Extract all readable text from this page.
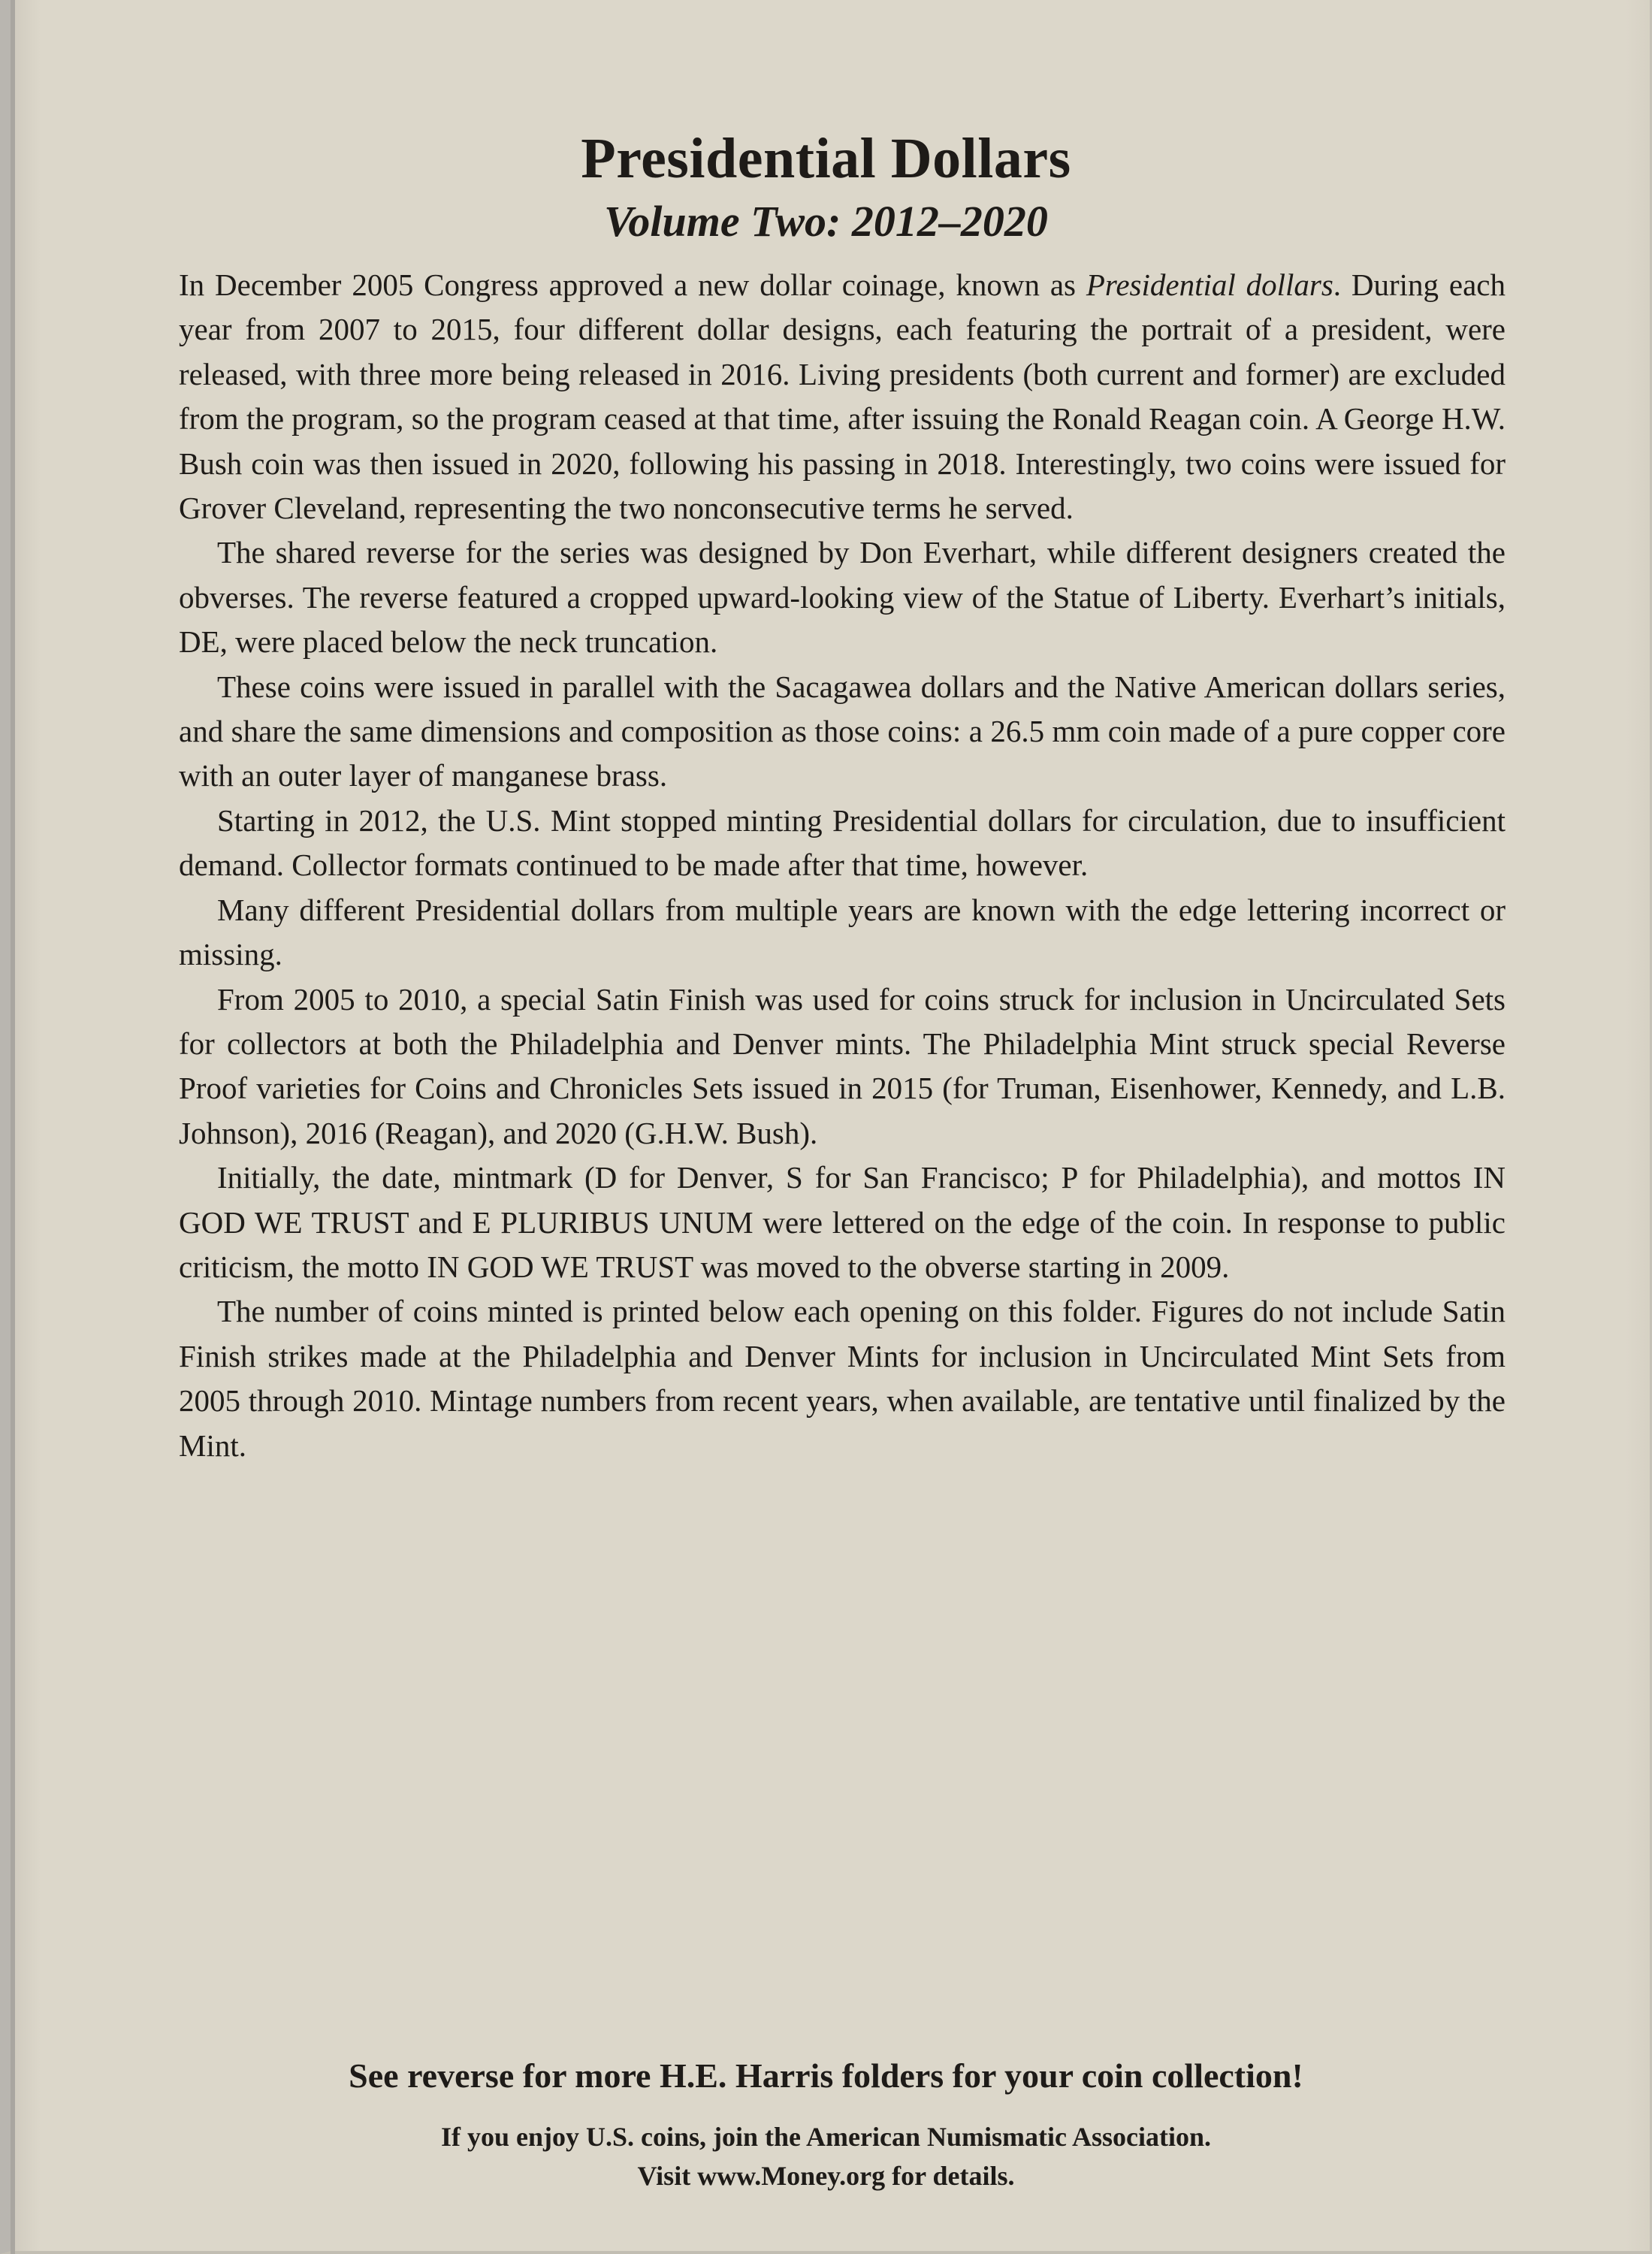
Presidential Dollars
Volume Two: 2012–2020

In December 2005 Congress approved a new dollar coinage, known as Presidential dollars. During each year from 2007 to 2015, four different dollar designs, each featuring the portrait of a president, were released, with three more being released in 2016. Living presidents (both current and former) are excluded from the program, so the program ceased at that time, after issuing the Ronald Reagan coin. A George H.W. Bush coin was then issued in 2020, following his passing in 2018. Interestingly, two coins were issued for Grover Cleveland, representing the two nonconsecutive terms he served.

The shared reverse for the series was designed by Don Everhart, while different designers created the obverses. The reverse featured a cropped upward-looking view of the Statue of Liberty. Everhart’s initials, DE, were placed below the neck truncation.

These coins were issued in parallel with the Sacagawea dollars and the Native American dollars series, and share the same dimensions and composition as those coins: a 26.5 mm coin made of a pure copper core with an outer layer of manganese brass.

Starting in 2012, the U.S. Mint stopped minting Presidential dollars for circulation, due to insufficient demand. Collector formats continued to be made after that time, however.

Many different Presidential dollars from multiple years are known with the edge lettering incorrect or missing.

From 2005 to 2010, a special Satin Finish was used for coins struck for inclusion in Uncirculated Sets for collectors at both the Philadelphia and Denver mints. The Philadelphia Mint struck special Reverse Proof varieties for Coins and Chronicles Sets issued in 2015 (for Truman, Eisenhower, Kennedy, and L.B. Johnson), 2016 (Reagan), and 2020 (G.H.W. Bush).

Initially, the date, mintmark (D for Denver, S for San Francisco; P for Philadelphia), and mottos IN GOD WE TRUST and E PLURIBUS UNUM were lettered on the edge of the coin. In response to public criticism, the motto IN GOD WE TRUST was moved to the obverse starting in 2009.

The number of coins minted is printed below each opening on this folder. Figures do not include Satin Finish strikes made at the Philadelphia and Denver Mints for inclusion in Uncirculated Mint Sets from 2005 through 2010. Mintage numbers from recent years, when available, are tentative until finalized by the Mint.

See reverse for more H.E. Harris folders for your coin collection!
If you enjoy U.S. coins, join the American Numismatic Association.
Visit www.Money.org for details.
